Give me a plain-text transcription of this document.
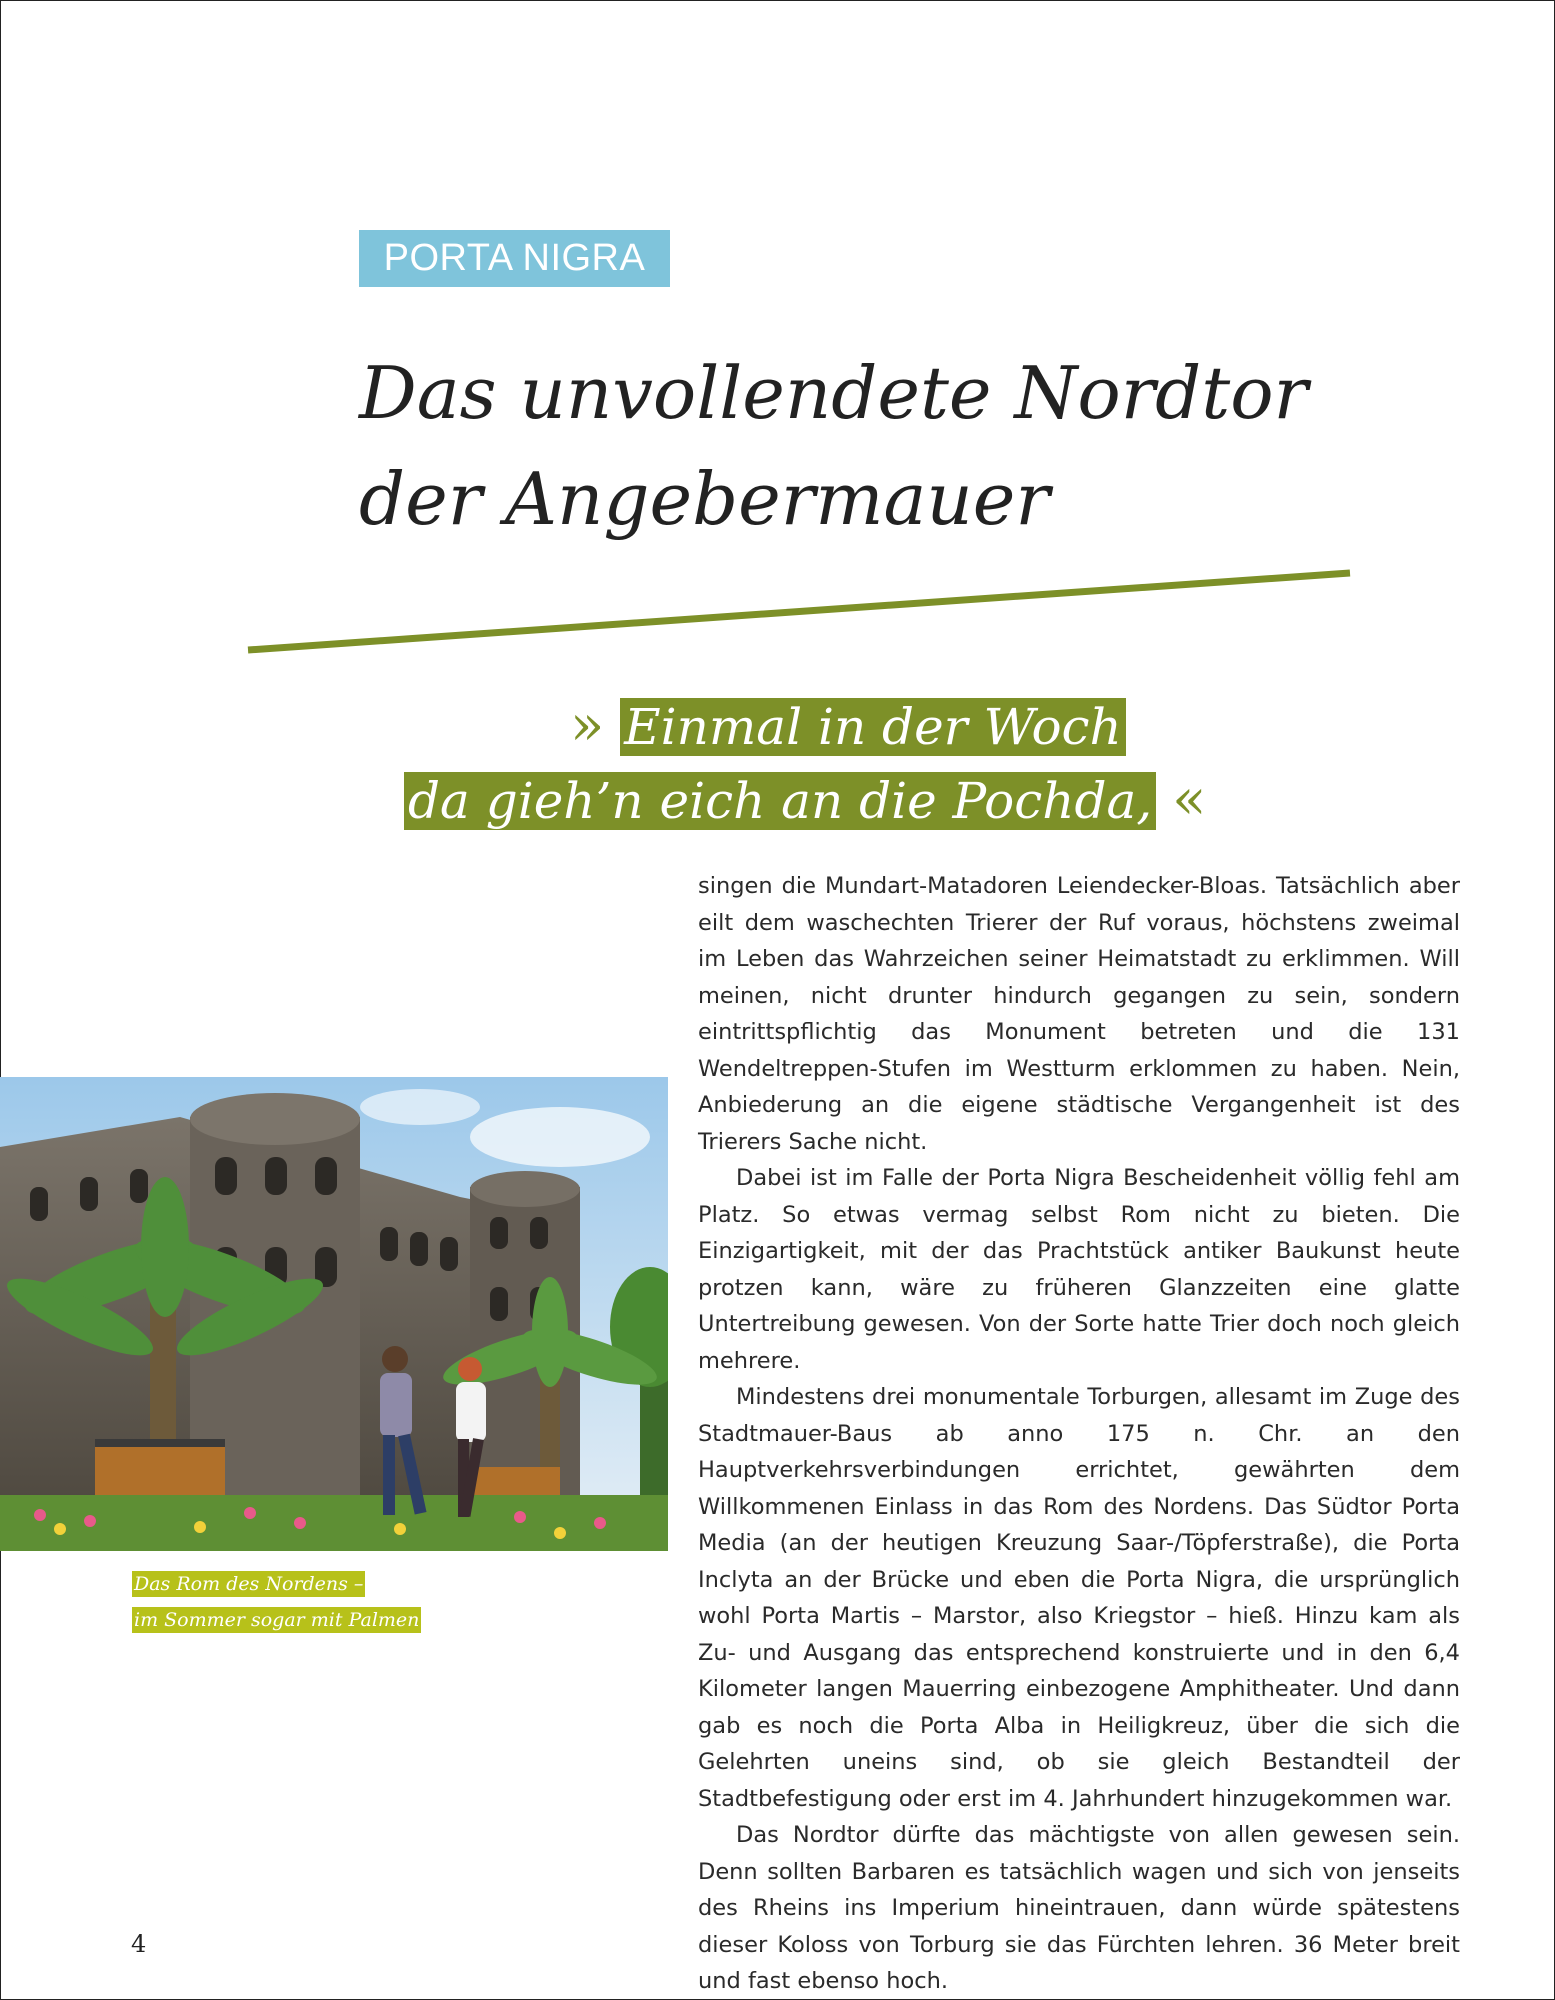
PORTA NIGRA
Das unvollendete Nordtor
der Angebermauer
» Einmal in der Woch
da gieh’n eich an die Pochda, «
Das Rom des Nordens –
im Sommer sogar mit Palmen

singen die Mundart-Matadoren Leiendecker-Bloas. Tatsächlich aber eilt dem waschechten Trierer der Ruf voraus, höchstens zweimal im Leben das Wahrzeichen seiner Heimatstadt zu erklimmen. Will meinen, nicht drunter hindurch gegangen zu sein, sondern eintrittspflichtig das Monument betreten und die 131 Wendeltreppen-Stufen im Westturm erklommen zu haben. Nein, Anbiederung an die eigene städtische Vergangenheit ist des Trierers Sache nicht.

Dabei ist im Falle der Porta Nigra Bescheidenheit völlig fehl am Platz. So etwas vermag selbst Rom nicht zu bieten. Die Einzigartigkeit, mit der das Prachtstück antiker Baukunst heute protzen kann, wäre zu früheren Glanzzeiten eine glatte Untertreibung gewesen. Von der Sorte hatte Trier doch noch gleich mehrere.

Mindestens drei monumentale Torburgen, allesamt im Zuge des Stadtmauer-Baus ab anno 175 n. Chr. an den Hauptverkehrsverbindungen errichtet, gewährten dem Willkommenen Einlass in das Rom des Nordens. Das Südtor Porta Media (an der heutigen Kreuzung Saar-/Töpferstraße), die Porta Inclyta an der Brücke und eben die Porta Nigra, die ursprünglich wohl Porta Martis – Marstor, also Kriegstor – hieß. Hinzu kam als Zu- und Ausgang das entsprechend konstruierte und in den 6,4 Kilometer langen Mauerring einbezogene Amphitheater. Und dann gab es noch die Porta Alba in Heiligkreuz, über die sich die Gelehrten uneins sind, ob sie gleich Bestandteil der Stadtbefestigung oder erst im 4. Jahrhundert hinzugekommen war.

Das Nordtor dürfte das mächtigste von allen gewesen sein. Denn sollten Barbaren es tatsächlich wagen und sich von jenseits des Rheins ins Imperium hineintrauen, dann würde spätestens dieser Koloss von Torburg sie das Fürchten lehren. 36 Meter breit und fast ebenso hoch.

4
